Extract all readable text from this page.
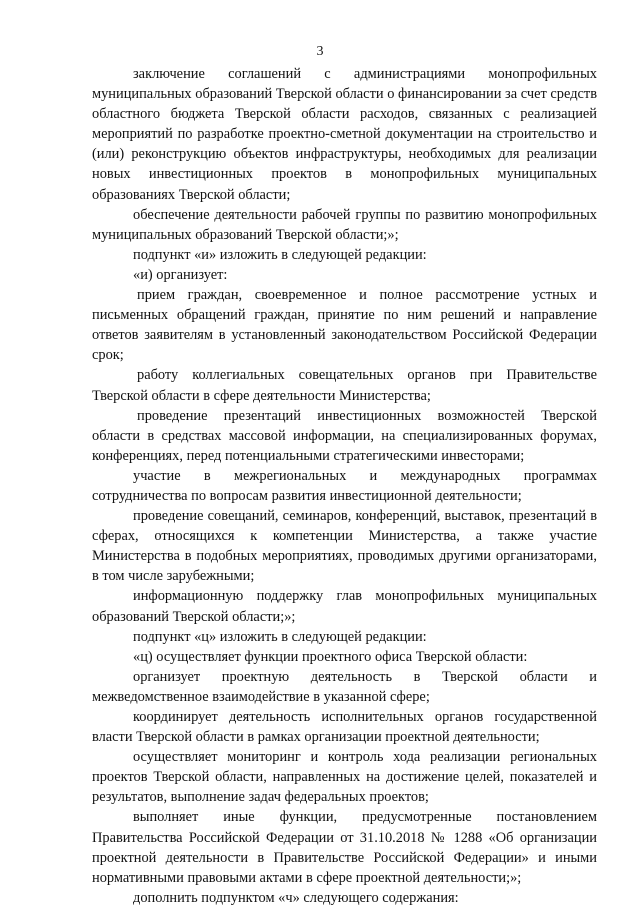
3

заключение соглашений с администрациями монопрофильных муниципальных образований Тверской области о финансировании за счет средств областного бюджета Тверской области расходов, связанных с реализацией мероприятий по разработке проектно-сметной документации на строительство и (или) реконструкцию объектов инфраструктуры, необходимых для реализации новых инвестиционных проектов в монопрофильных муниципальных образованиях Тверской области;

обеспечение деятельности рабочей группы по развитию монопрофильных муниципальных образований Тверской области;»;

подпункт «и» изложить в следующей редакции:

«и) организует:

прием граждан, своевременное и полное рассмотрение устных и письменных обращений граждан, принятие по ним решений и направление ответов заявителям в установленный законодательством Российской Федерации срок;

работу коллегиальных совещательных органов при Правительстве Тверской области в сфере деятельности Министерства;

проведение презентаций инвестиционных возможностей Тверской области в средствах массовой информации, на специализированных форумах, конференциях, перед потенциальными стратегическими инвесторами;

участие в межрегиональных и международных программах сотрудничества по вопросам развития инвестиционной деятельности;

проведение совещаний, семинаров, конференций, выставок, презентаций в сферах, относящихся к компетенции Министерства, а также участие Министерства в подобных мероприятиях, проводимых другими организаторами, в том числе зарубежными;

информационную поддержку глав монопрофильных муниципальных образований Тверской области;»;

подпункт «ц» изложить в следующей редакции:

«ц) осуществляет функции проектного офиса Тверской области:

организует проектную деятельность в Тверской области и межведомственное взаимодействие в указанной сфере;

координирует деятельность исполнительных органов государственной власти Тверской области в рамках организации проектной деятельности;

осуществляет мониторинг и контроль хода реализации региональных проектов Тверской области, направленных на достижение целей, показателей и результатов, выполнение задач федеральных проектов;

выполняет иные функции, предусмотренные постановлением Правительства Российской Федерации от 31.10.2018 № 1288 «Об организации проектной деятельности в Правительстве Российской Федерации» и иными нормативными правовыми актами в сфере проектной деятельности;»;

дополнить подпунктом «ч» следующего содержания:
